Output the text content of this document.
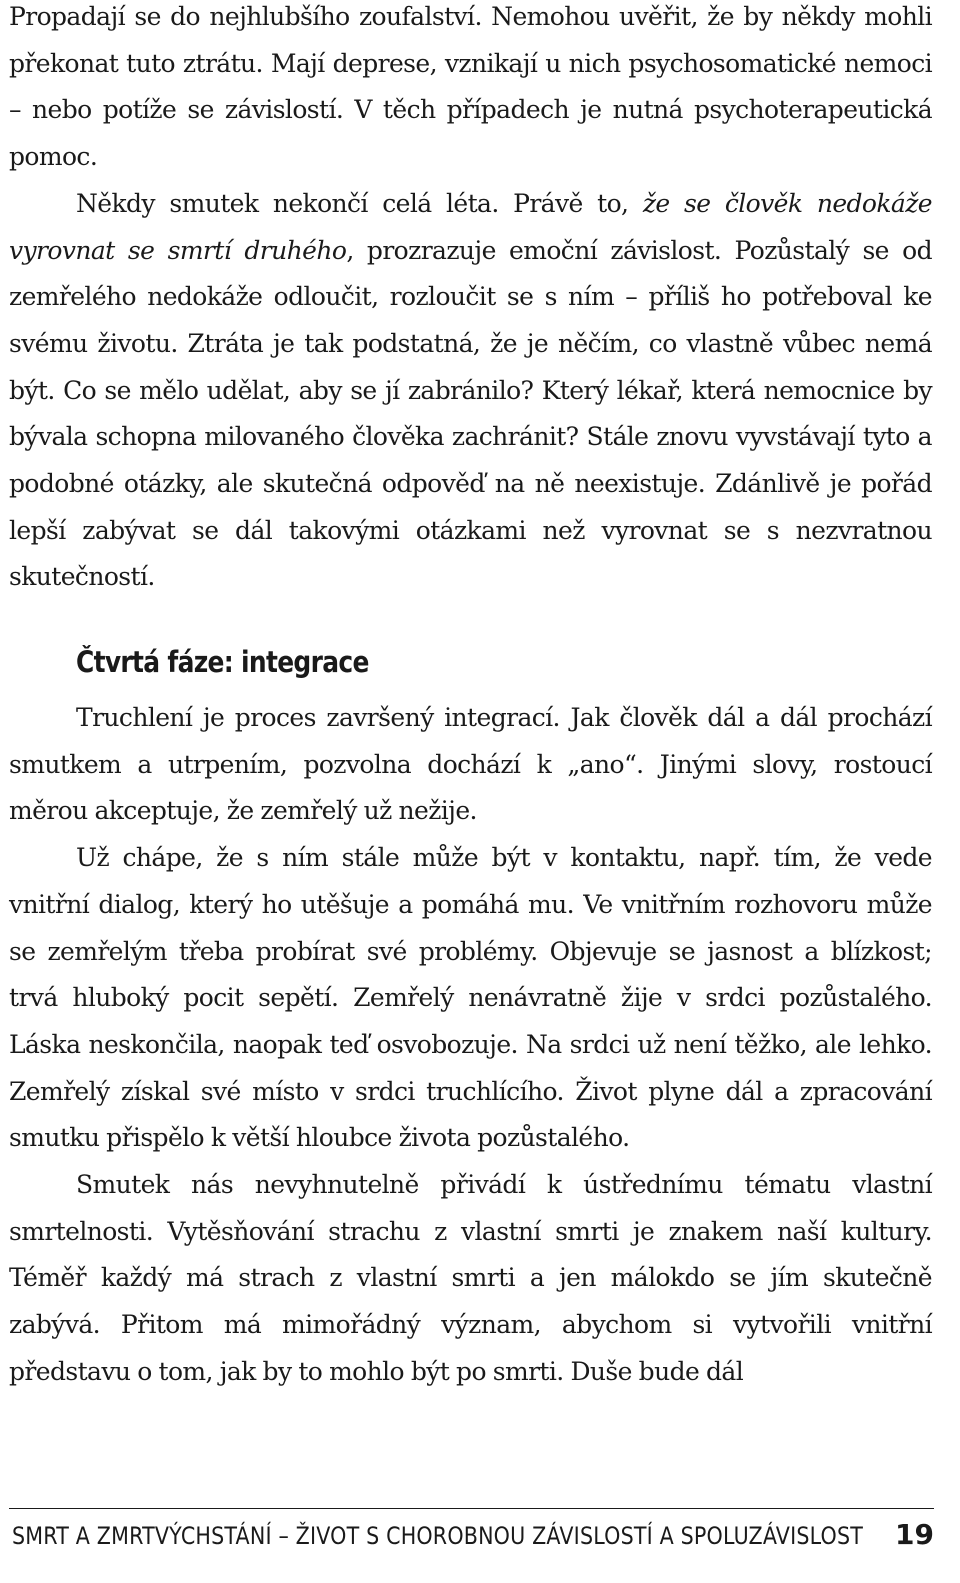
Propadají se do nejhlubšího zoufalství. Nemohou uvěřit, že by někdy mohli překonat tuto ztrátu. Mají deprese, vznikají u nich psychosomatické nemoci – nebo potíže se závislostí. V těch případech je nutná psychoterapeutická pomoc.

Někdy smutek nekončí celá léta. Právě to, že se člověk nedokáže vyrovnat se smrtí druhého, prozrazuje emoční závislost. Pozůstalý se od zemřelého nedokáže odloučit, rozloučit se s ním – příliš ho potřeboval ke svému životu. Ztráta je tak podstatná, že je něčím, co vlastně vůbec nemá být. Co se mělo udělat, aby se jí zabránilo? Který lékař, která nemocnice by bývala schopna milovaného člověka zachránit? Stále znovu vyvstávají tyto a podobné otázky, ale skutečná odpověď na ně neexistuje. Zdánlivě je pořád lepší zabývat se dál takovými otázkami než vyrovnat se s nezvratnou skutečností.

Čtvrtá fáze: integrace

Truchlení je proces završený integrací. Jak člověk dál a dál prochází smutkem a utrpením, pozvolna dochází k „ano“. Jinými slovy, rostoucí měrou akceptuje, že zemřelý už nežije.

Už chápe, že s ním stále může být v kontaktu, např. tím, že vede vnitřní dialog, který ho utěšuje a pomáhá mu. Ve vnitřním rozhovoru může se zemřelým třeba probírat své problémy. Objevuje se jasnost a blízkost; trvá hluboký pocit sepětí. Zemřelý nenávratně žije v srdci pozůstalého. Láska neskončila, naopak teď osvobozuje. Na srdci už není těžko, ale lehko. Zemřelý získal své místo v srdci truchlícího. Život plyne dál a zpracování smutku přispělo k větší hloubce života pozůstalého.

Smutek nás nevyhnutelně přivádí k ústřednímu tématu vlastní smrtelnosti. Vytěsňování strachu z vlastní smrti je znakem naší kultury. Téměř každý má strach z vlastní smrti a jen málokdo se jím skutečně zabývá. Přitom má mimořádný význam, abychom si vytvořili vnitřní představu o tom, jak by to mohlo být po smrti. Duše bude dál

SMRT A ZMRTVÝCHSTÁNÍ – ŽIVOT S CHOROBNOU ZÁVISLOSTÍ A SPOLUZÁVISLOST 19
